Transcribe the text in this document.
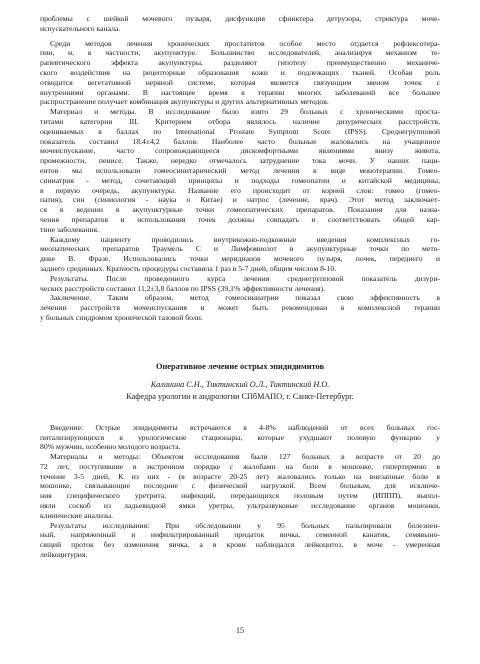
проблемы с шейкой мочевого пузыря, дисфункция сфинктера детрузора, стриктура моче-
испускательного канала.
Среди методов лечения хронических простатитов особое место отдается рефлексотера-
пии, и, в частности, акупунктуре. Большинство исследователей, анализируя механизм те-
рапевтического эффекта акупунктуры, разделяют гипотезу преимущественно механиче-
ского воздействия на рецепторные образования кожи и подлежащих тканей. Особая роль
отводится вегетативной нервной системе, которая является связующим звеном точек с
внутренними органами. В настоящее время в терапии многих заболеваний все большее
распространение получает комбинация акупунктуры и других альтернативных методов.
Материал и методы. В исследование было взято 29 больных с хроническими проста-
титами категории III. Критерием отбора являлось наличие дизурических расстройств,
оцениваемых в баллах по International Prostate Symptom Score (IPSS). Среднегрупповой
показатель составил 18,4±4,2 баллов. Наиболее часто больные жаловались на учащенное
мочеиспускание, часто сопровождающееся дискомфортными явлениями внизу живота,
промежности, пенисе. Также, нередко отмечалось затруднение тока мочи. У наших паци-
ентов мы использовали гомеосинитарический метод лечения в виде монотерапии. Гомео-
синиатрия - метод, сочетающий принципы и подходы гомеопатии и китайской медицины,
в первую очередь, акупунктуры. Название его происходит от корней слов: гомео (гомео-
патия), син (синиология - наука о Китае) и натрос (лечение, врач). Этот метод заключает-
ся в ведении в акупунктурные точки гомеопатических препаратов. Показания для назна-
чения препаратов и использования точек должны совпадать и соответствовать общей кар-
тине заболевания.
Каждому пациенту проводились внутрикожно-подкожные введения комплексных го-
меопатических препаратов Траумель С и Лимфомиозот в акупунктурные точки по мето-
дике В. Фразе. Использовались точки меридианов мочевого пузыря, почек, переднего и
заднего срединных. Кратность процедуры составила 1 раз в 5-7 дней, общим числом 8-10.
Результаты. После проведенного курса лечения среднегрупповой показатель дизури-
ческих расстройств составил 11,2±3,8 баллов по IPSS (39,1% эффективности лечения).
Заключение. Таким образом, метод гомеосиниатрии показал свою эффективность в
лечении расстройств мочеиспускания и может быть рекомендован в комплексной терапии
у больных синдромом хронической тазовой боли.
Оперативное лечение острых эпидидимитов
Калинина С.Н., Тиктинский О.Л., Тиктинский Н.О.
Кафедра урологии и андрологии СПбМАПО, г. Санкт-Петербург.
Введение: Острые эпидидимиты встречаются в 4-8% наблюдений от всех больных гос-
питализирующихся в урологические стационары, которые ухудшают половую функцию у
80% мужчин, особенно молодого возраста.
Материалы и методы: Объектом исследования были 127 больных в возрасте от 20 до
72 лет, поступившие в экстренном порядке с жалобами на боли в мошонке, гипертермию в
течение 3-5 дней, К из них - (в возрасте 20-25 лет) жаловались только на внезапные боли в
мошонке, связывающие последние с физической нагрузкой. Всем больным, для исключе-
ния специфического уретрита, инфекций, передающихся половым путем (ИППП), выпол-
няли соскоб из ладьевидной ямки уретры, ультразвуковые исследование органов мошонки,
клинические анализы.
Результаты исследования: При обследовании у 95 больных пальпировали болезнен-
ный, напряженный и инфильтрированный придаток яичка, семенной канатик, семявыно-
сящий проток без изменения яичка, а в крови наблюдался лейкоцитоз, в моче - умеренная
лейкоцитурия.
15
